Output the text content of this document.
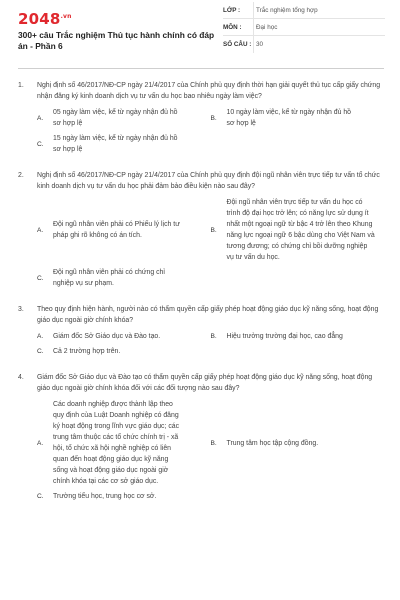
$2048^{.vn}$
300+ câu Trắc nghiệm Thủ tục hành chính có đáp án - Phần 6
LỚP :	Trắc nghiệm tổng hợp
MÔN :	Đại học
SỐ CÂU : 30
1.	Nghị định số 46/2017/NĐ-CP ngày 21/4/2017 của Chính phủ quy định thời hạn giải quyết thủ tục cấp giấy chứng nhận đăng ký kinh doanh dịch vụ tư vấn du học bao nhiêu ngày làm việc?
A.
05 ngày làm việc, kể từ ngày nhận đủ hồ sơ hợp lệ
B.
10 ngày làm việc, kể từ ngày nhận đủ hồ sơ hợp lệ
C.
15 ngày làm việc, kể từ ngày nhận đủ hồ sơ hợp lệ
2.	Nghị định số 46/2017/NĐ-CP ngày 21/4/2017 của Chính phủ quy định đội ngũ nhân viên trực tiếp tư vấn tổ chức kinh doanh dịch vụ tư vấn du học phải đảm bảo điều kiện nào sau đây?
A.
Đội ngũ nhân viên phải có Phiếu lý lịch tư pháp ghi rõ không có án tích.
B.
Đội ngũ nhân viên trực tiếp tư vấn du học có trình độ đại học trở lên; có năng lực sử dụng ít nhất một ngoại ngữ từ bậc 4 trở lên theo Khung năng lực ngoại ngữ 6 bậc dùng cho Việt Nam và tương đương; có chứng chỉ bồi dưỡng nghiệp vụ tư vấn du học.
C.
Đội ngũ nhân viên phải có chứng chỉ nghiệp vụ sư phạm.
3.	Theo quy định hiện hành, người nào có thẩm quyền cấp giấy phép hoạt động giáo dục kỹ năng sống, hoạt động giáo dục ngoài giờ chính khóa?
A.	Giám đốc Sở Giáo dục và Đào tạo.	B.	Hiệu trưởng trường đại học, cao đẳng
C.	Cả 2 trường hợp trên.
4.	Giám đốc Sở Giáo dục và Đào tạo có thẩm quyền cấp giấy phép hoạt động giáo dục kỹ năng sống, hoạt động giáo dục ngoài giờ chính khóa đối với các đối tượng nào sau đây?
A.
Các doanh nghiệp được thành lập theo quy định của Luật Doanh nghiệp có đăng ký hoạt động trong lĩnh vực giáo dục; các trung tâm thuộc các tổ chức chính trị - xã hội, tổ chức xã hội nghề nghiệp có liên quan đến hoạt động giáo dục kỹ năng sống và hoạt động giáo dục ngoài giờ chính khóa tại các cơ sở giáo dục.
B.	Trung tâm học tập cộng đồng.
C.	Trường tiểu học, trung học cơ sở.
